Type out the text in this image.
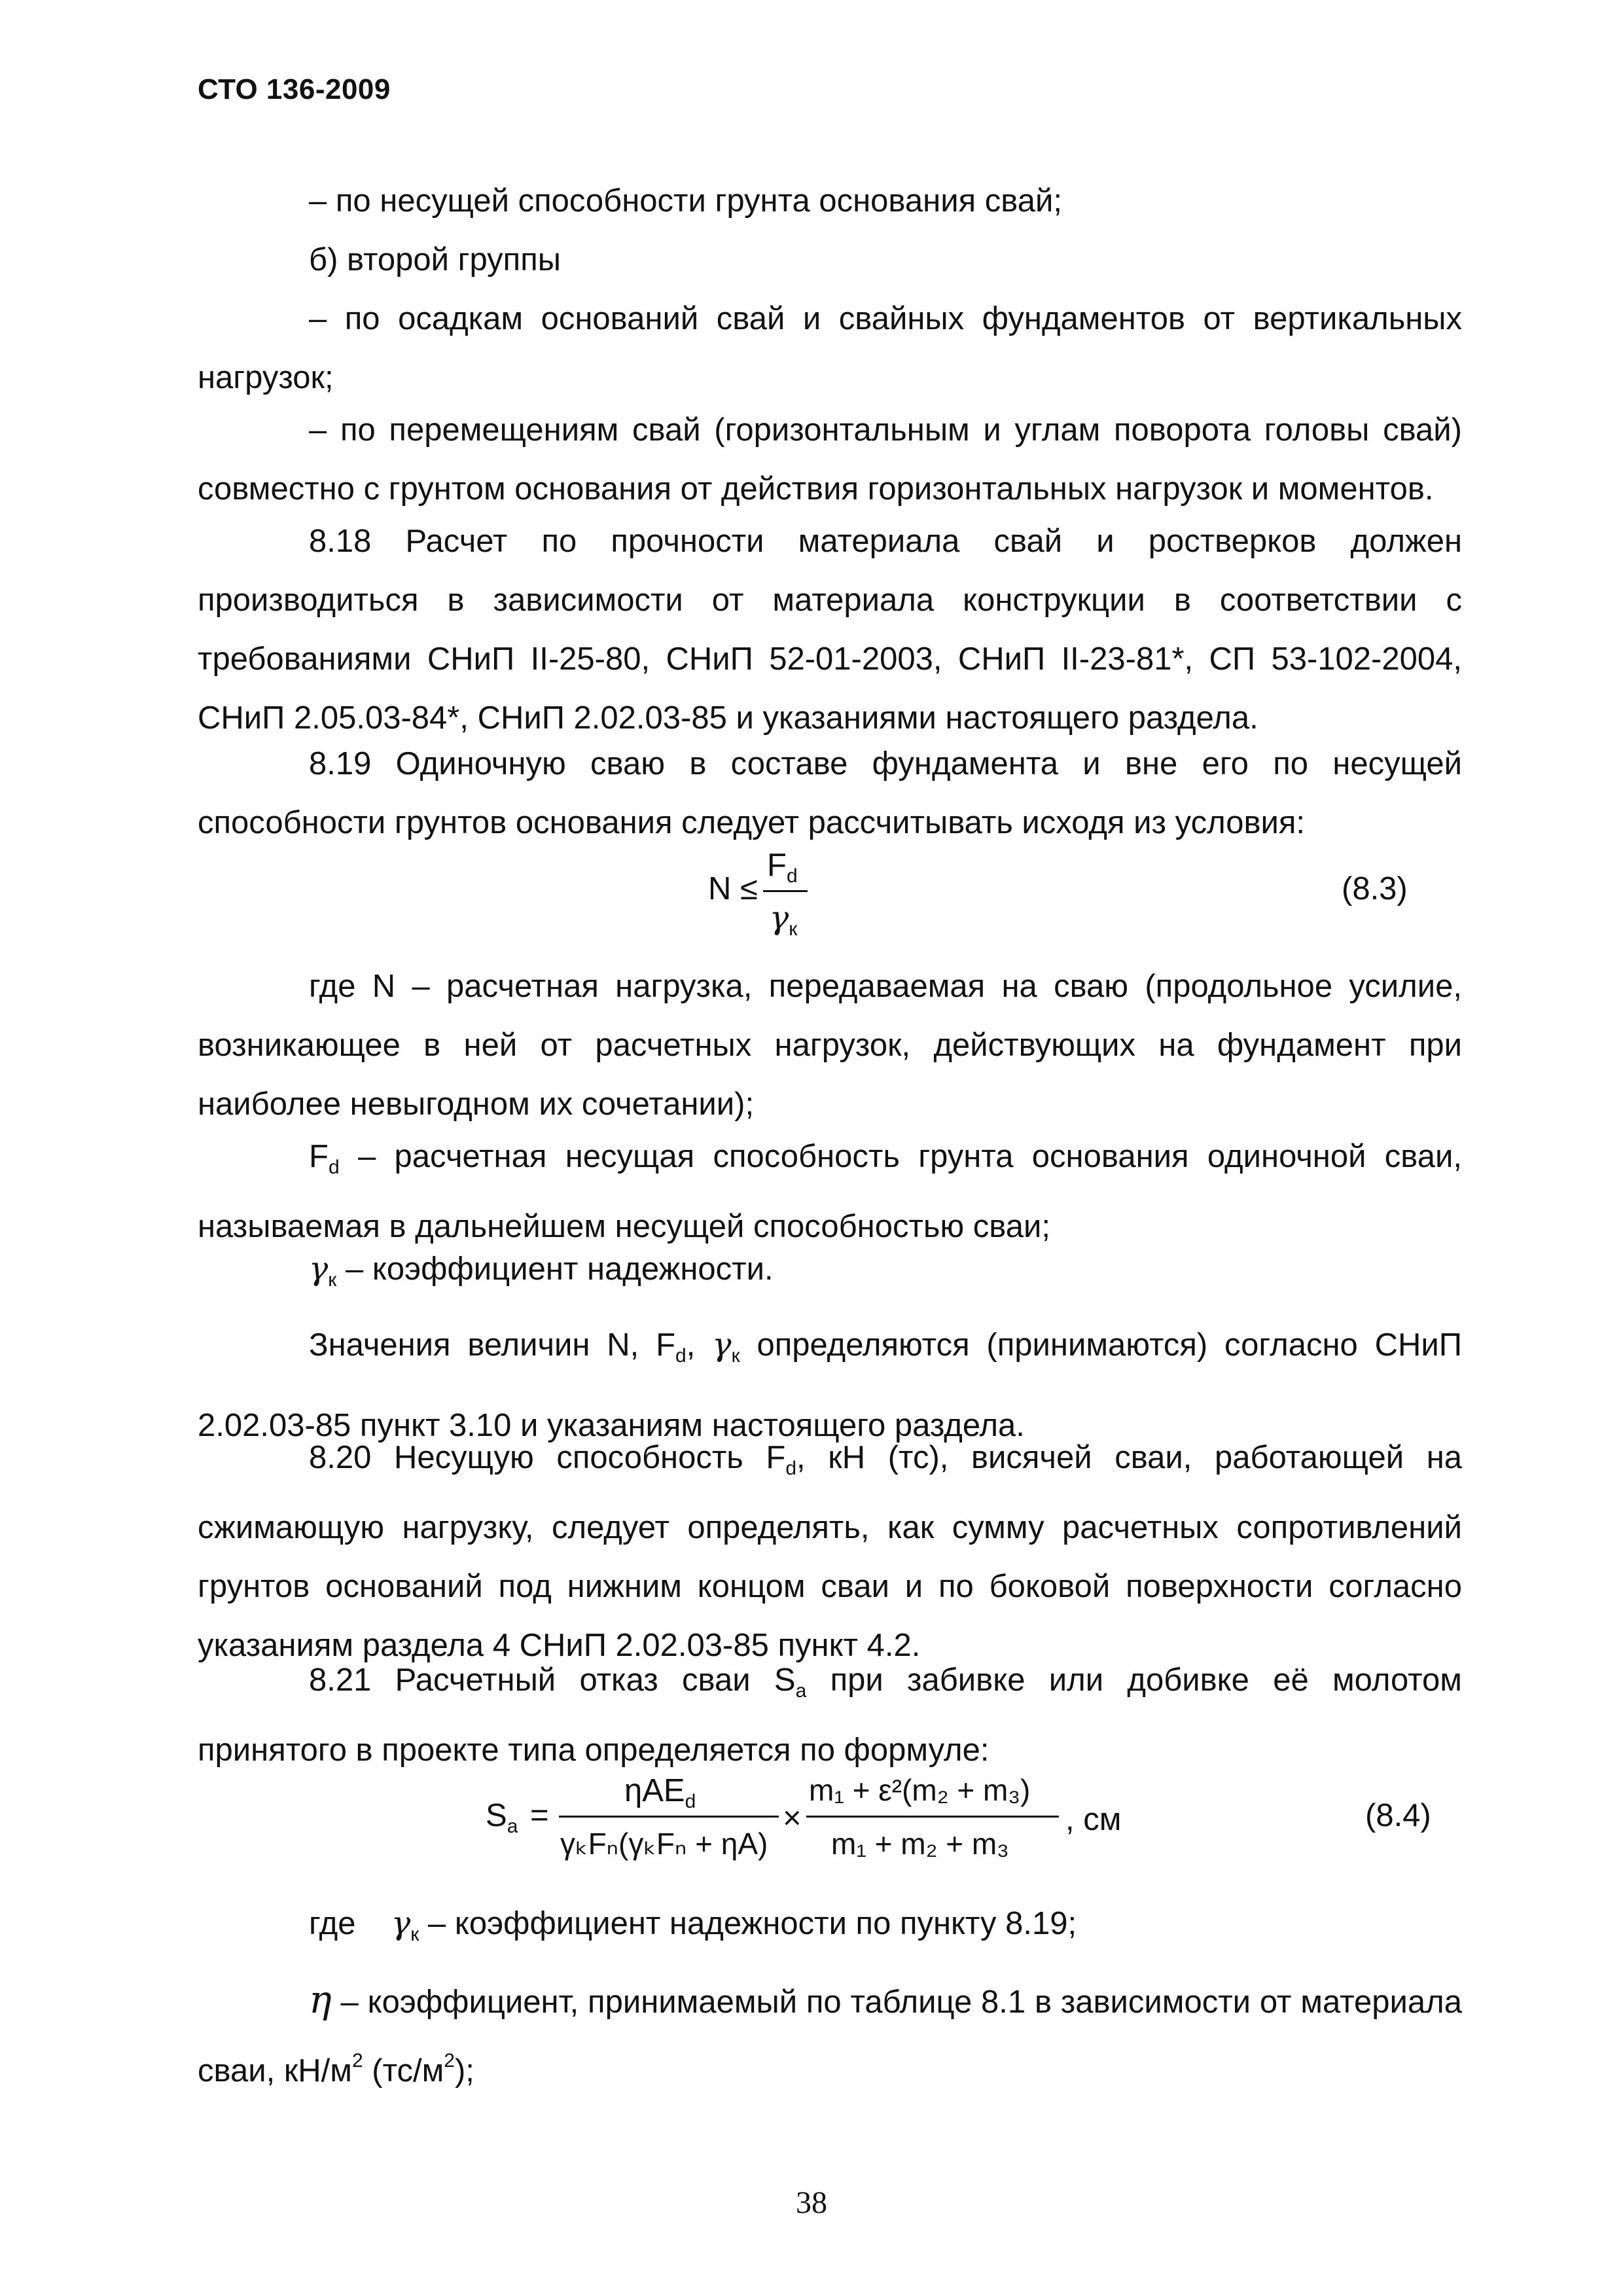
СТО 136-2009

– по несущей способности грунта основания свай;

б) второй группы

– по осадкам оснований свай и свайных фундаментов от вертикальных нагрузок;

– по перемещениям свай (горизонтальным и углам поворота головы свай) совместно с грунтом основания от действия горизонтальных нагрузок и моментов.

8.18 Расчет по прочности материала свай и ростверков должен производиться в зависимости от материала конструкции в соответствии с требованиями СНиП II-25-80, СНиП 52-01-2003, СНиП II-23-81*, СП 53-102-2004, СНиП 2.05.03-84*, СНиП 2.02.03-85 и указаниями настоящего раздела.

8.19 Одиночную сваю в составе фундамента и вне его по несущей способности грунтов основания следует рассчитывать исходя из условия:

N ≤
$F_d$
$\gamma_к$
(8.3)

где N – расчетная нагрузка, передаваемая на сваю (продольное усилие, возникающее в ней от расчетных нагрузок, действующих на фундамент при наиболее невыгодном их сочетании);

$F_d$ – расчетная несущая способность грунта основания одиночной сваи, называемая в дальнейшем несущей способностью сваи;

$\gamma_к$ – коэффициент надежности.

Значения величин N, $F_d$, $\gamma_к$ определяются (принимаются) согласно СНиП 2.02.03-85 пункт 3.10 и указаниям настоящего раздела.

8.20 Несущую способность $F_d$, кН (тс), висячей сваи, работающей на сжимающую нагрузку, следует определять, как сумму расчетных сопротивлений грунтов оснований под нижним концом сваи и по боковой поверхности согласно указаниям раздела 4 СНиП 2.02.03-85 пункт 4.2.

8.21 Расчетный отказ сваи $S_a$ при забивке или добивке её молотом принятого в проекте типа определяется по формуле:

$S_a$ =
ηAE$_d$
γₖFₙ(γₖFₙ + ηA)
×
m₁ + ε²(m₂ + m₃)
m₁ + m₂ + m₃
, см	(8.4)

где $\gamma_к$ – коэффициент надежности по пункту 8.19;

η – коэффициент, принимаемый по таблице 8.1 в зависимости от материала сваи, $кН/м^2$ $(тс/м^2)$;

38
